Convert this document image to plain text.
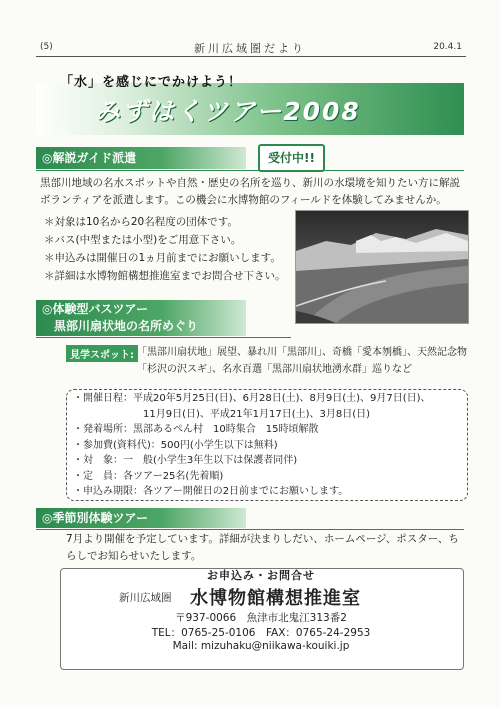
(5)	新川広域圏だより	20.4.1
「水」を感じにでかけよう！
みずはくツアー2008
◎解説ガイド派遣	受付中!!
黒部川地域の名水スポットや自然・歴史の名所を巡り、新川の水環境を知りたい方に解説ボランティアを派遣します。この機会に水博物館のフィールドを体験してみませんか。
＊対象は10名から20名程度の団体です。
＊バス(中型または小型)をご用意下さい。
＊申込みは開催日の1ヵ月前までにお願いします。
＊詳細は水博物館構想推進室までお問合せ下さい。
◎体験型バスツアー
　黒部川扇状地の名所めぐり
見学スポット: 「黒部川扇状地」展望、暴れ川「黒部川」、奇橋「愛本刎橋」、天然記念物「杉沢の沢スギ」、名水百選「黒部川扇状地湧水群」巡りなど
・開催日程：平成20年5月25日(日)、6月28日(土)、8月9日(土)、9月7日(日)、
11月9日(日)、平成21年1月17日(土)、3月8日(日)
・発着場所：黒部あるぺん村　10時集合　15時頃解散
・参加費(資料代)：500円(小学生以下は無料)
・対　象：一　般(小学生3年生以下は保護者同伴)
・定　員：各ツアー25名(先着順)
・申込み期限：各ツアー開催日の2日前までにお願いします。
◎季節別体験ツアー
7月より開催を予定しています。詳細が決まりしだい、ホームページ、ポスター、ちらしでお知らせいたします。
お申込み・お問合せ
新川広域圏 水博物館構想推進室
〒937-0066　魚津市北鬼江313番2
TEL：0765-25-0106　FAX：0765-24-2953
Mail: mizuhaku@niikawa-kouiki.jp
